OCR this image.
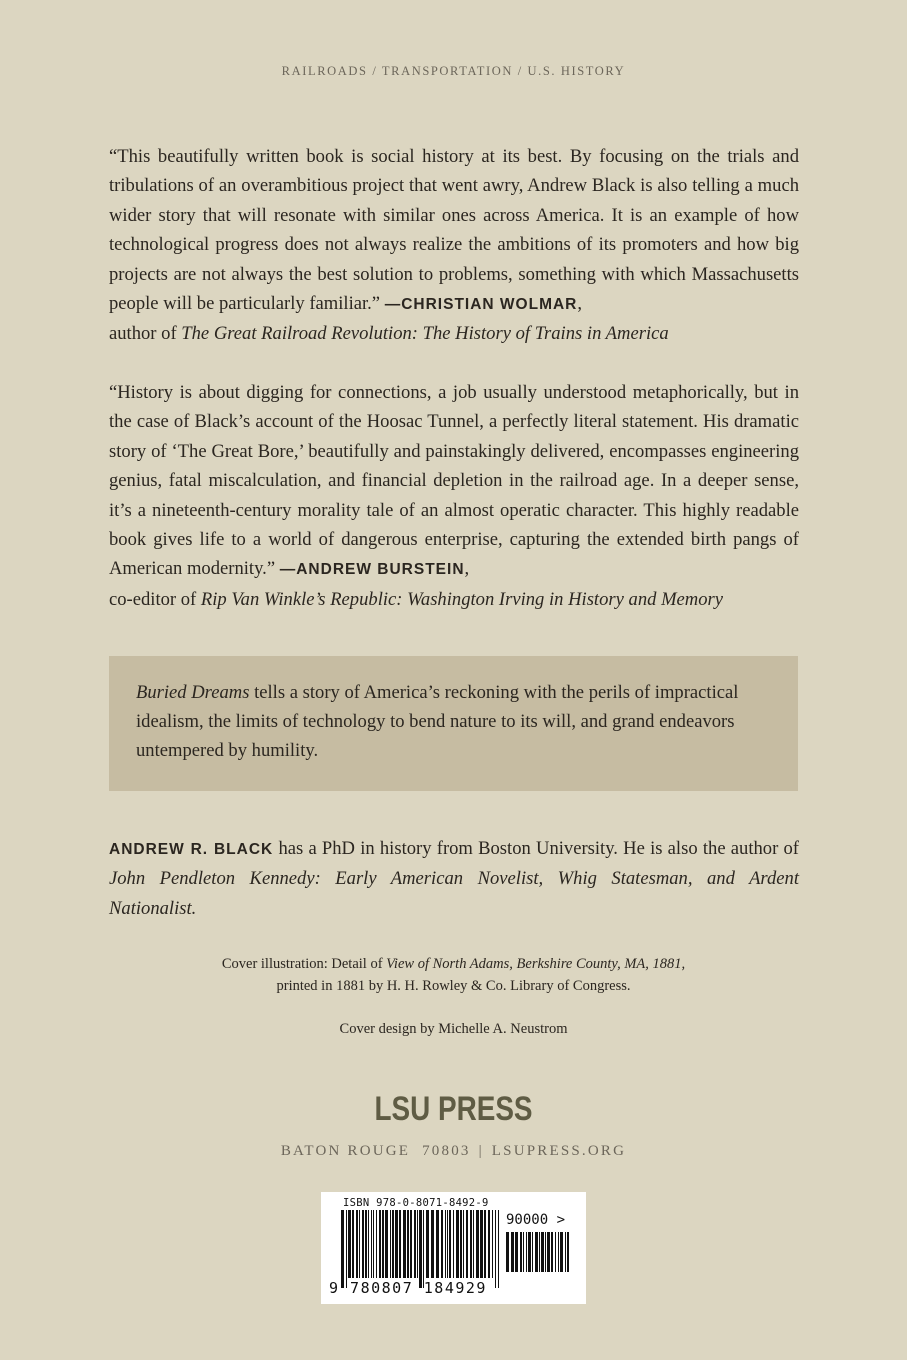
RAILROADS / TRANSPORTATION / U.S. HISTORY
“This beautifully written book is social history at its best. By focusing on the trials and tribulations of an overambitious project that went awry, Andrew Black is also telling a much wider story that will resonate with similar ones across America. It is an example of how technological progress does not always realize the ambitions of its promoters and how big projects are not always the best solution to problems, something with which Massachusetts people will be particularly familiar.” —CHRISTIAN WOLMAR,
author of The Great Railroad Revolution: The History of Trains in America
“History is about digging for connections, a job usually understood metaphorically, but in the case of Black’s account of the Hoosac Tunnel, a perfectly literal statement. His dramatic story of ‘The Great Bore,’ beautifully and painstakingly delivered, encompasses engineering genius, fatal miscalculation, and financial depletion in the railroad age. In a deeper sense, it’s a nineteenth-century morality tale of an almost operatic character. This highly readable book gives life to a world of dangerous enterprise, capturing the extended birth pangs of American modernity.” —ANDREW BURSTEIN,
co-editor of Rip Van Winkle’s Republic: Washington Irving in History and Memory
Buried Dreams tells a story of America’s reckoning with the perils of impractical idealism, the limits of technology to bend nature to its will, and grand endeavors untempered by humility.
ANDREW R. BLACK has a PhD in history from Boston University. He is also the author of John Pendleton Kennedy: Early American Novelist, Whig Statesman, and Ardent Nationalist.
Cover illustration: Detail of View of North Adams, Berkshire County, MA, 1881,
printed in 1881 by H. H. Rowley & Co. Library of Congress.
Cover design by Michelle A. Neustrom
LSU PRESS
BATON ROUGE 70803 | LSUPRESS.ORG
ISBN 978-0-8071-8492-9
90000 >
9 780807 184929
